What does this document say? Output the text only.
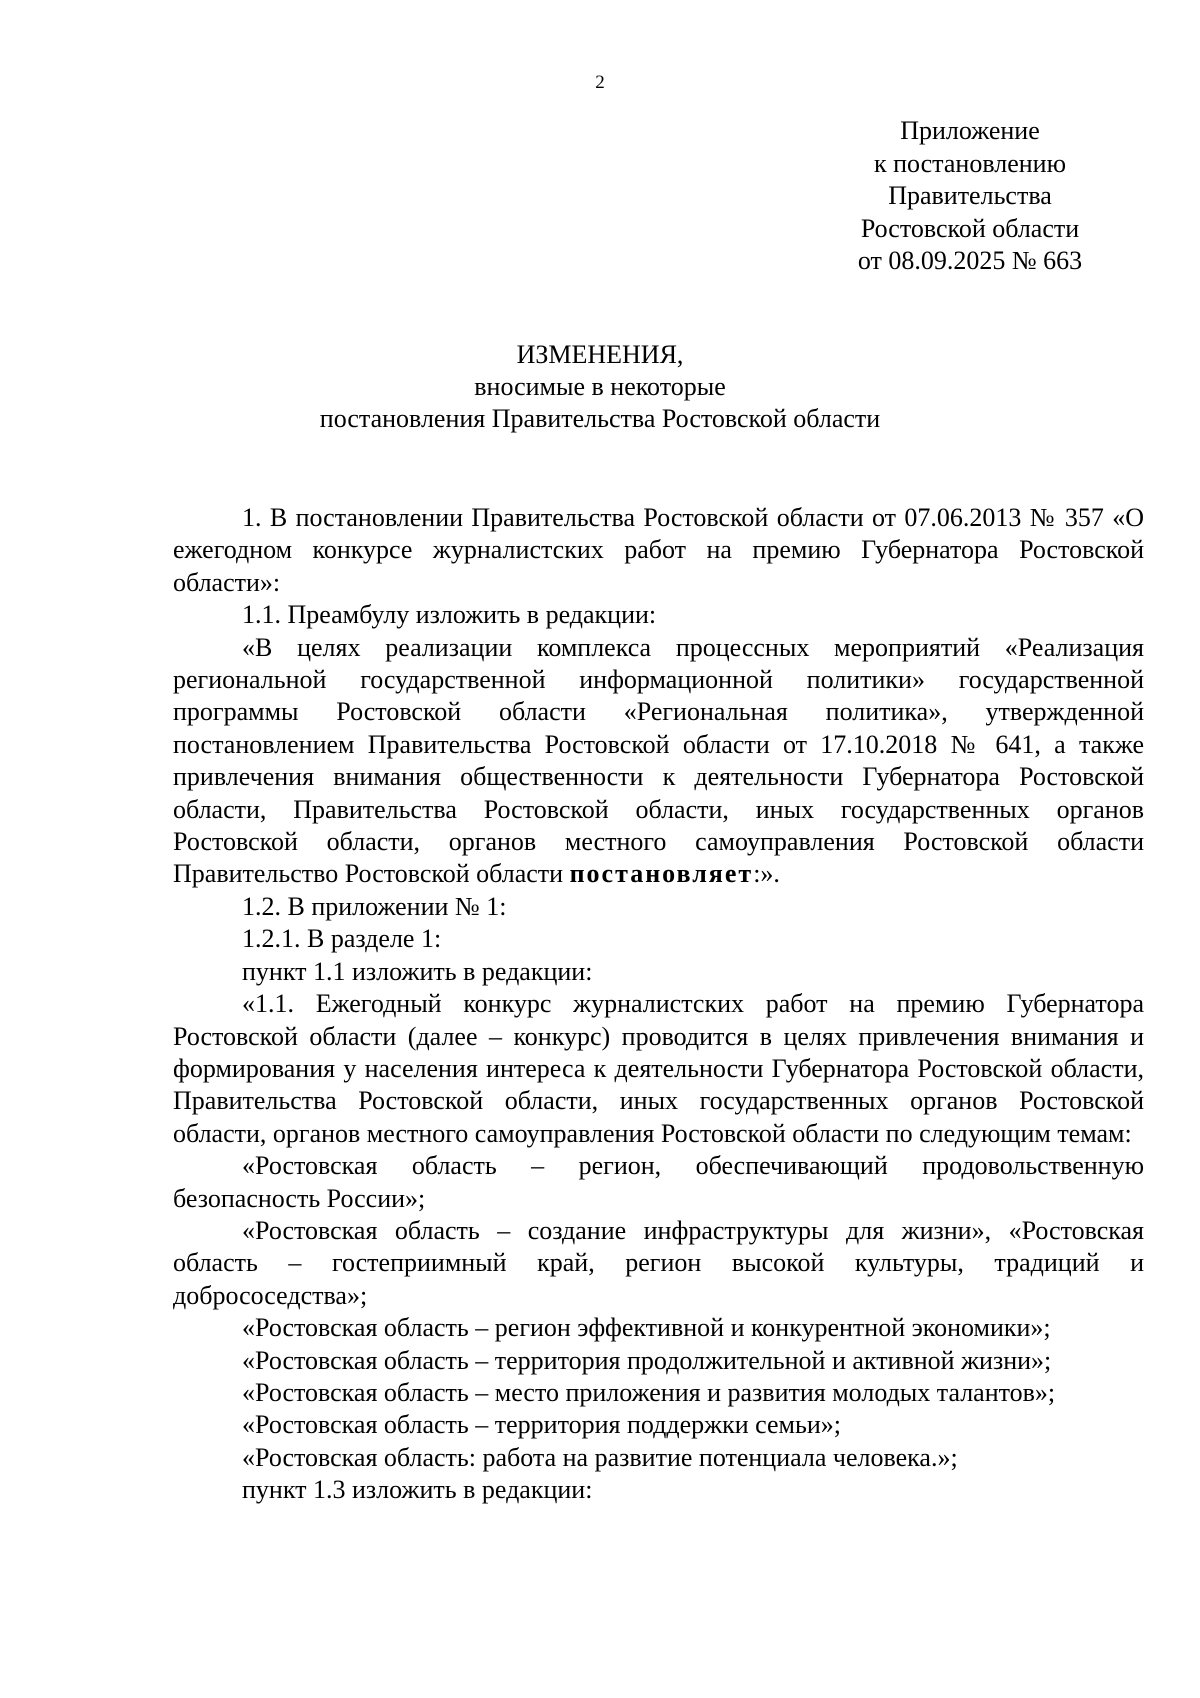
2
Приложение
к постановлению
Правительства
Ростовской области
от 08.09.2025 № 663
ИЗМЕНЕНИЯ,
вносимые в некоторые
постановления Правительства Ростовской области

1. В постановлении Правительства Ростовской области от 07.06.2013 № 357 «О ежегодном конкурсе журналистских работ на премию Губернатора Ростовской области»:

1.1. Преамбулу изложить в редакции:

«В целях реализации комплекса процессных мероприятий «Реализация региональной государственной информационной политики» государственной программы Ростовской области «Региональная политика», утвержденной постановлением Правительства Ростовской области от 17.10.2018 № 641, а также привлечения внимания общественности к деятельности Губернатора Ростовской области, Правительства Ростовской области, иных государственных органов Ростовской области, органов местного самоуправления Ростовской области Правительство Ростовской области постановляет:».

1.2. В приложении № 1:

1.2.1. В разделе 1:

пункт 1.1 изложить в редакции:

«1.1. Ежегодный конкурс журналистских работ на премию Губернатора Ростовской области (далее – конкурс) проводится в целях привлечения внимания и формирования у населения интереса к деятельности Губернатора Ростовской области, Правительства Ростовской области, иных государственных органов Ростовской области, органов местного самоуправления Ростовской области по следующим темам:

«Ростовская область – регион, обеспечивающий продовольственную безопасность России»;

«Ростовская область – создание инфраструктуры для жизни», «Ростовская область – гостеприимный край, регион высокой культуры, традиций и добрососедства»;

«Ростовская область – регион эффективной и конкурентной экономики»;

«Ростовская область – территория продолжительной и активной жизни»;

«Ростовская область – место приложения и развития молодых талантов»;

«Ростовская область – территория поддержки семьи»;

«Ростовская область: работа на развитие потенциала человека.»;

пункт 1.3 изложить в редакции:
